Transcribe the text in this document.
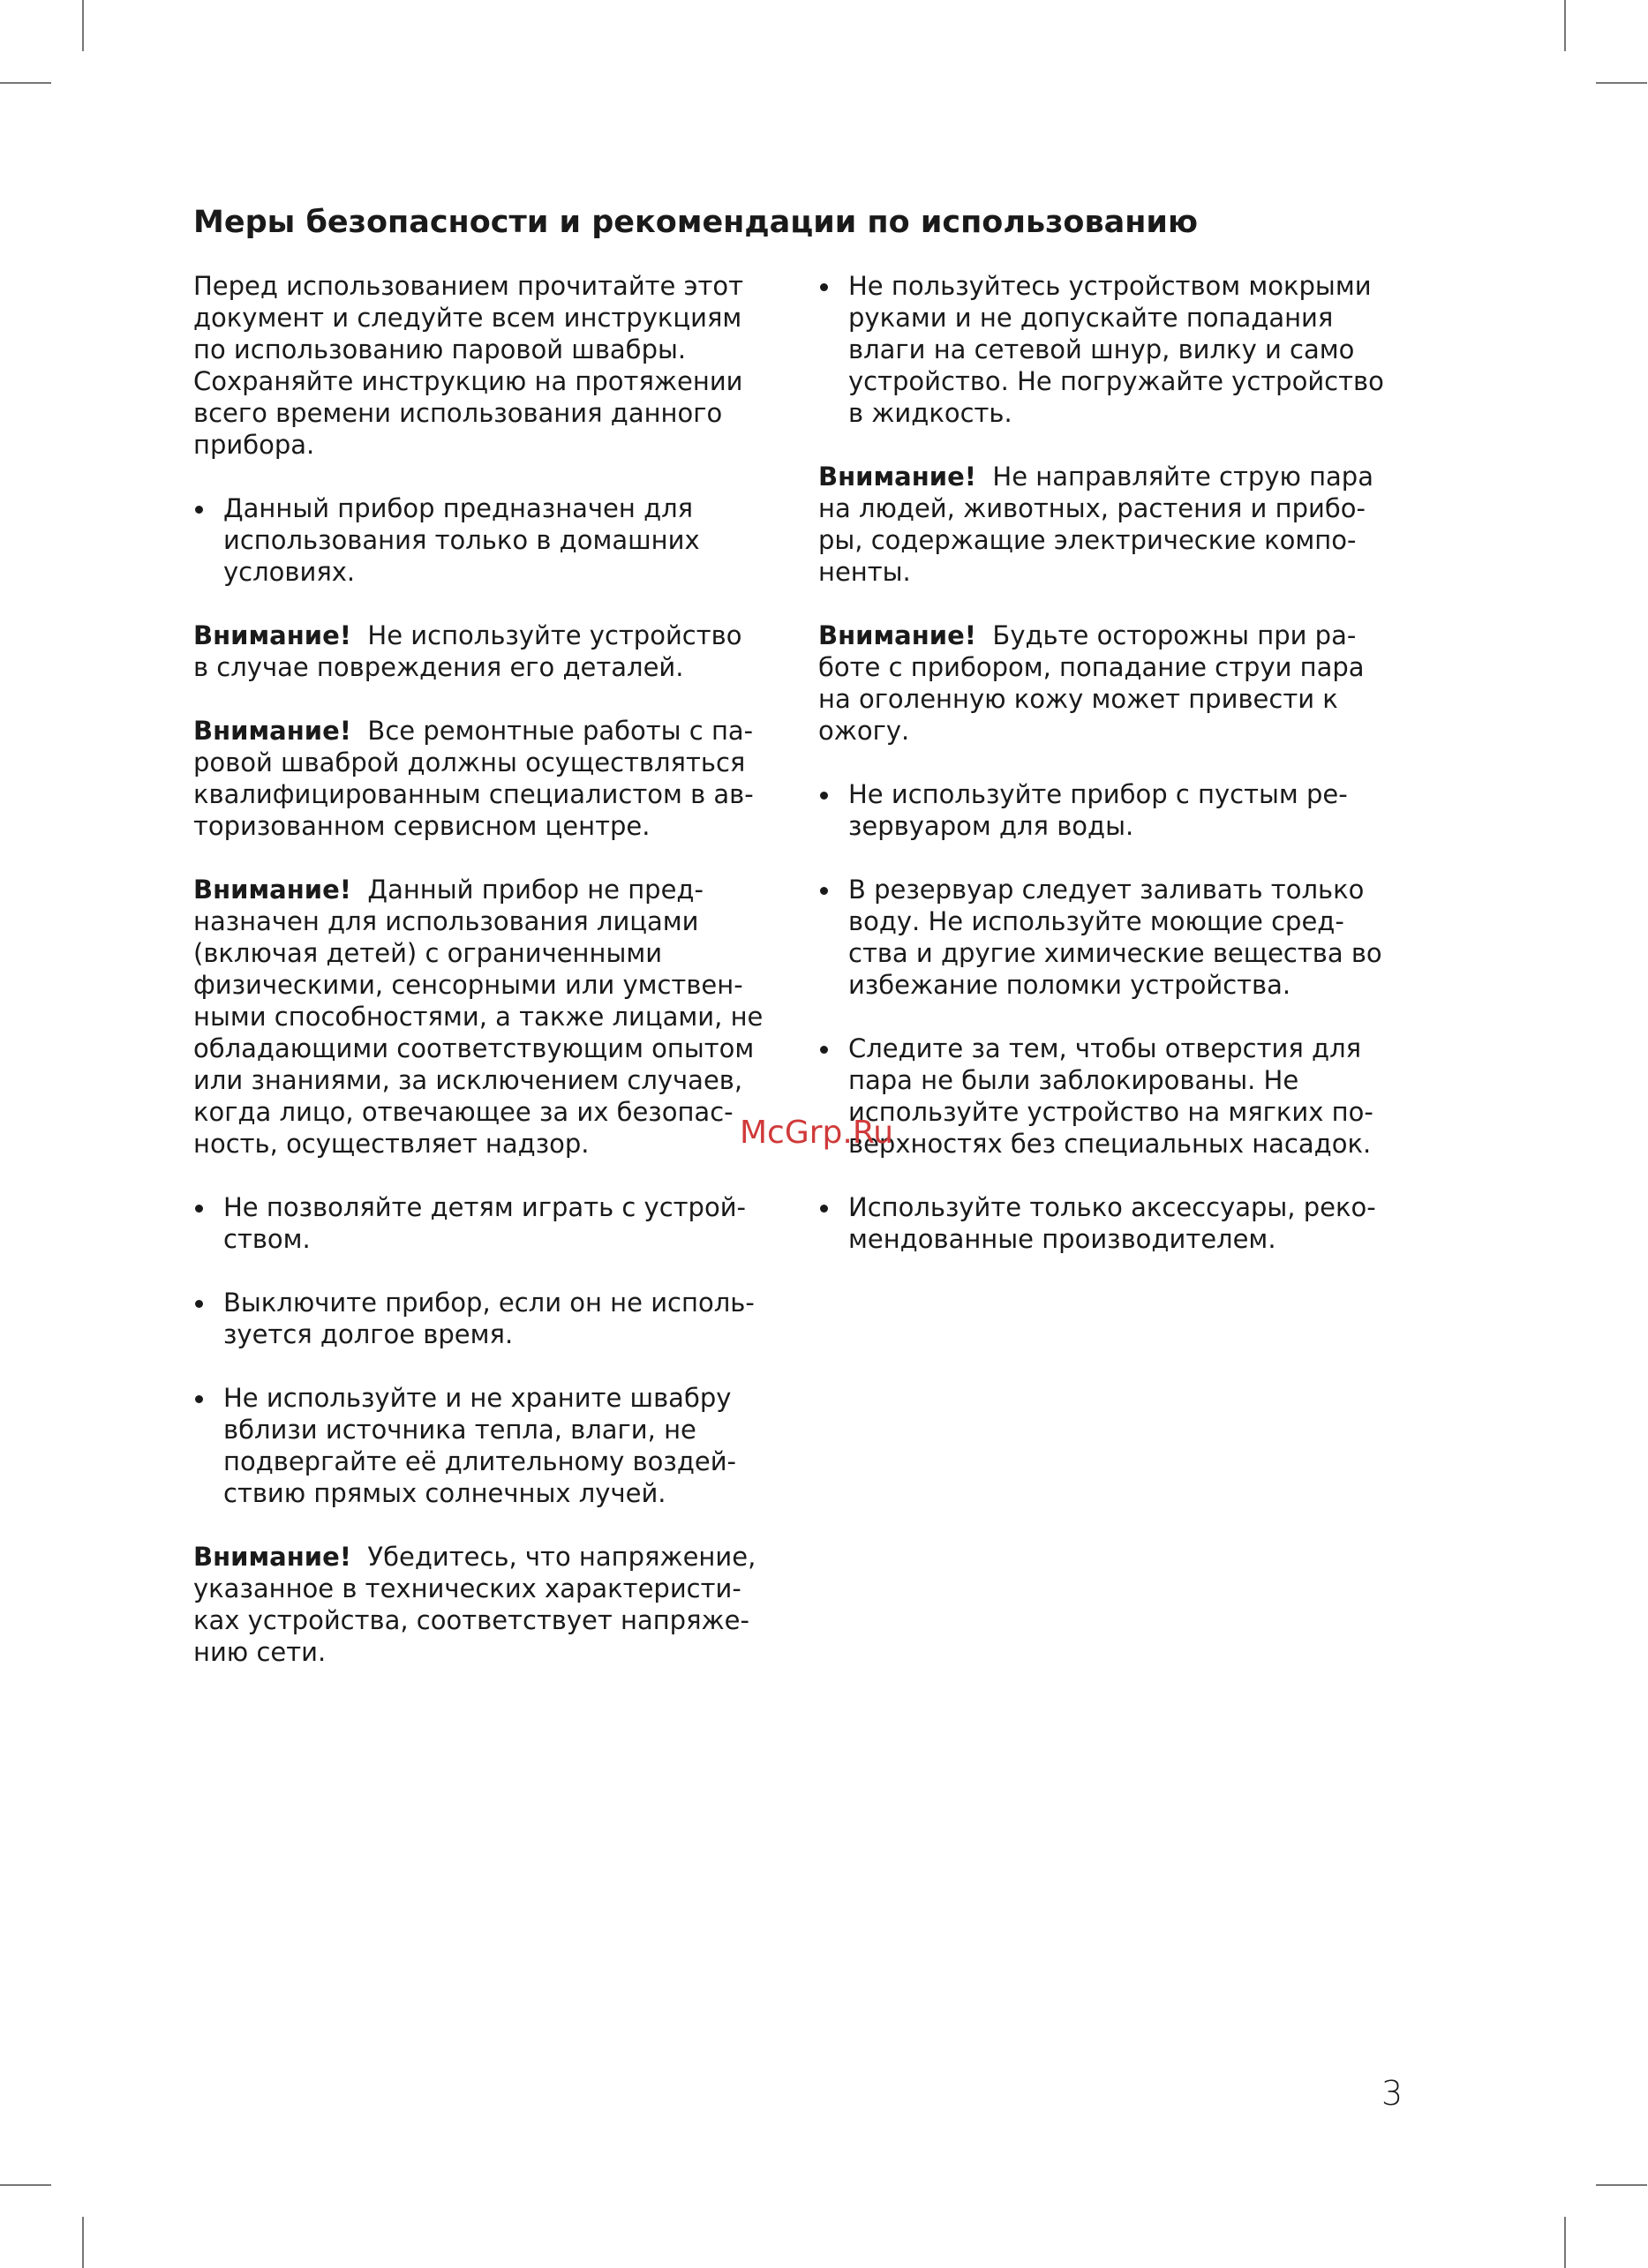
Меры безопасности и рекомендации по использованию

Перед использованием прочитайте этот
документ и следуйте всем инструкциям
по использованию паровой швабры.
Сохраняйте инструкцию на протяжении
всего времени использования данного
прибора.

Данный прибор предназначен для
использования только в домашних
условиях.

Внимание! Не используйте устройство
в случае повреждения его деталей.

Внимание! Все ремонтные работы с па-
ровой шваброй должны осуществляться
квалифицированным специалистом в ав-
торизованном сервисном центре.

Внимание! Данный прибор не пред-
назначен для использования лицами
(включая детей) с ограниченными
физическими, сенсорными или умствен-
ными способностями, а также лицами, не
обладающими соответствующим опытом
или знаниями, за исключением случаев,
когда лицо, отвечающее за их безопас-
ность, осуществляет надзор.

Не позволяйте детям играть с устрой-
ством.

Выключите прибор, если он не исполь-
зуется долгое время.

Не используйте и не храните швабру
вблизи источника тепла, влаги, не
подвергайте её длительному воздей-
ствию прямых солнечных лучей.

Внимание! Убедитесь, что напряжение,
указанное в технических характеристи-
ках устройства, соответствует напряже-
нию сети.

Не пользуйтесь устройством мокрыми
руками и не допускайте попадания
влаги на сетевой шнур, вилку и само
устройство. Не погружайте устройство
в жидкость.

Внимание! Не направляйте струю пара
на людей, животных, растения и прибо-
ры, содержащие электрические компо-
ненты.

Внимание! Будьте осторожны при ра-
боте с прибором, попадание струи пара
на оголенную кожу может привести к
ожогу.

Не используйте прибор с пустым ре-
зервуаром для воды.

В резервуар следует заливать только
воду. Не используйте моющие сред-
ства и другие химические вещества во
избежание поломки устройства.

Следите за тем, чтобы отверстия для
пара не были заблокированы. Не
используйте устройство на мягких по-
верхностях без специальных насадок.

Используйте только аксессуары, реко-
мендованные производителем.

McGrp.Ru
3
